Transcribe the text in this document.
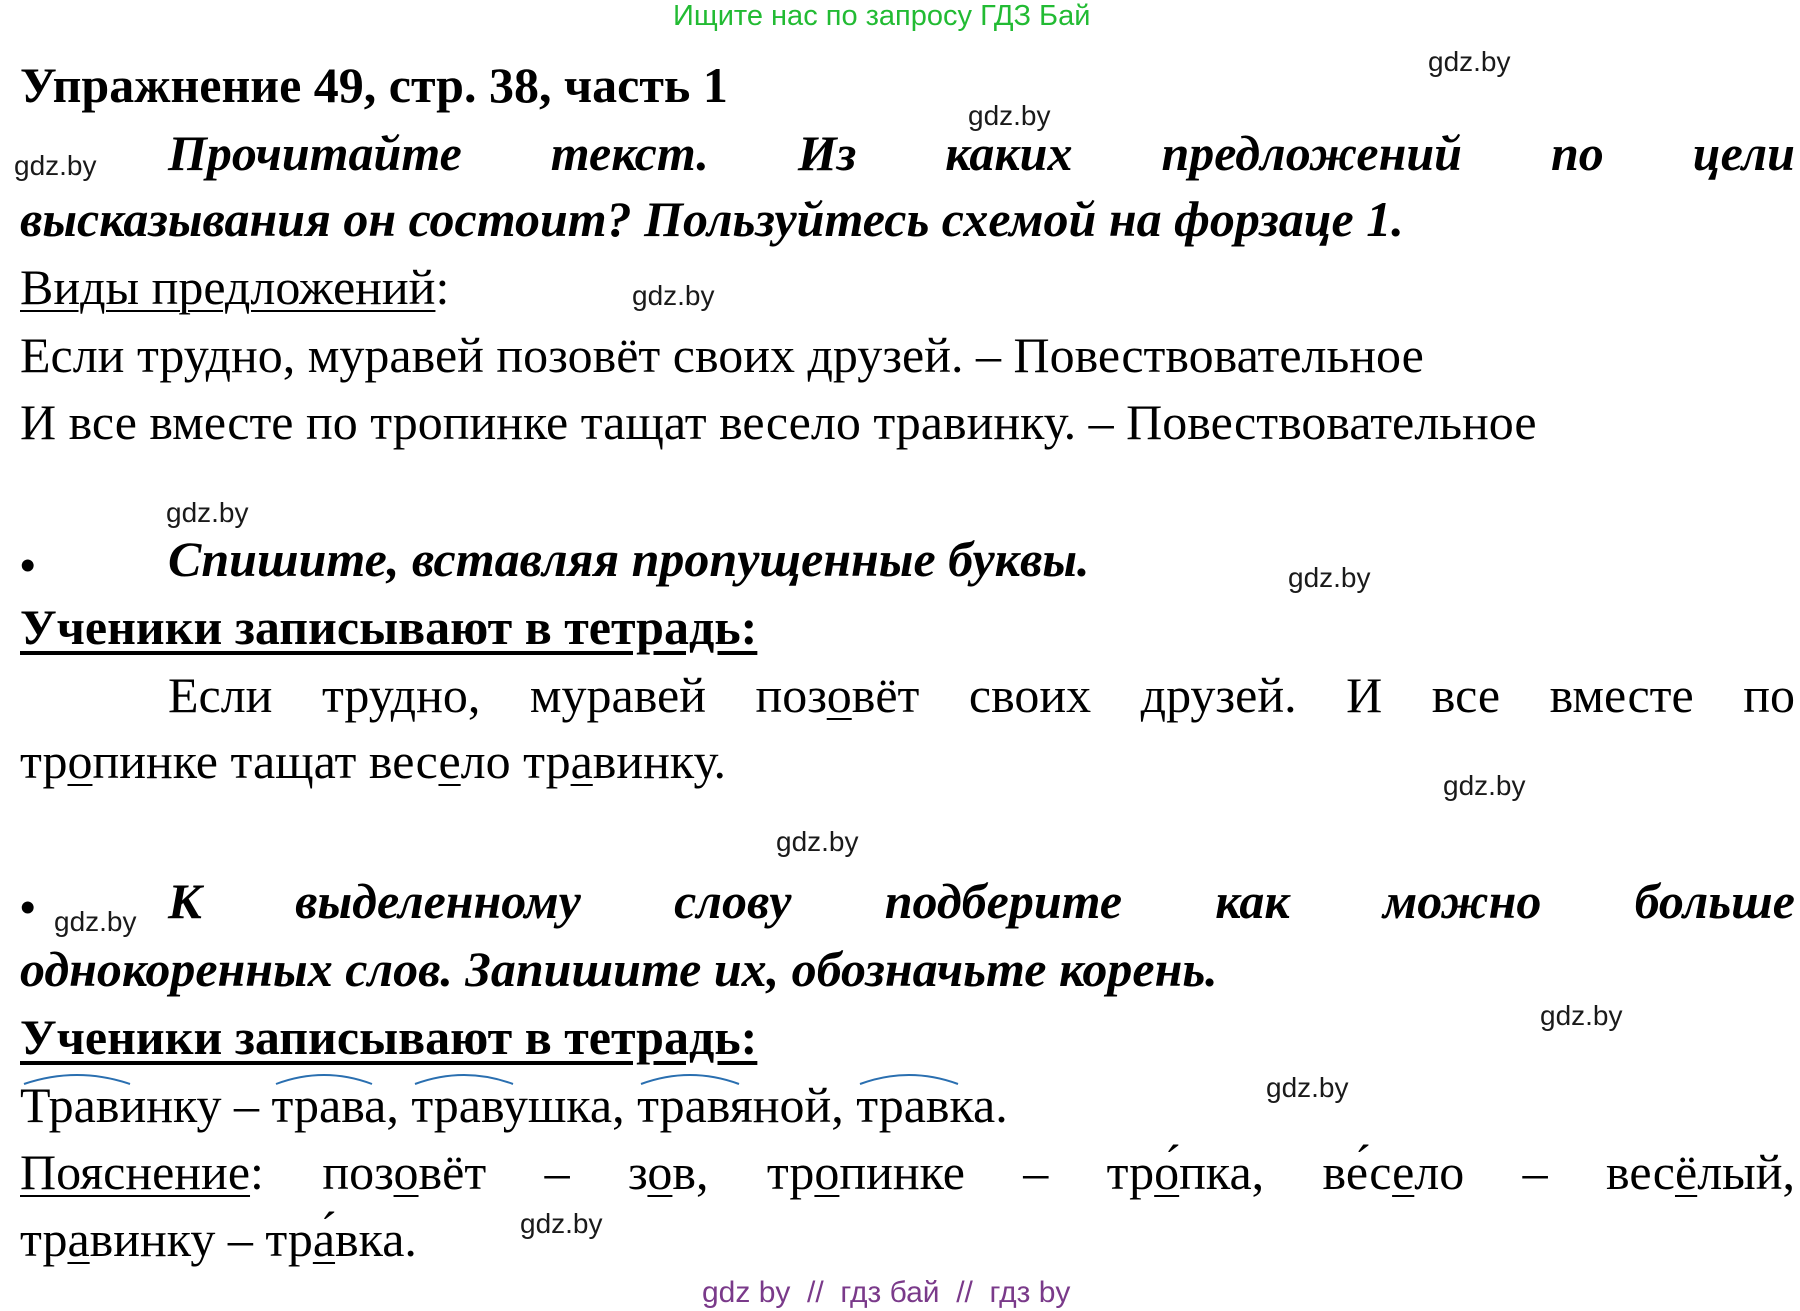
Ищите нас по запросу ГДЗ Бай
gdz.by
gdz.by
gdz.by
gdz.by
gdz.by
gdz.by
gdz.by
gdz.by
gdz.by
gdz.by
gdz.by
gdz.by
Упражнение 49, стр. 38, часть 1
Прочитайте текст. Из каких предложений по цели
высказывания он состоит? Пользуйтесь схемой на форзаце 1.
Виды предложений:
Если трудно, муравей позовёт своих друзей. – Повествовательное
И все вместе по тропинке тащат весело травинку. – Повествовательное
•	Спишите, вставляя пропущенные буквы.
Ученики записывают в тетрадь:
Если трудно, муравей позовёт своих друзей. И все вместе по
тропинке тащат весело травинку.
•	К выделенному слову подберите как можно больше
однокоренных слов. Запишите их, обозначьте корень.
Ученики записывают в тетрадь:
Травинку –
трава,
травушка,
травяной,
травка.
Пояснение: позовёт – зов, тропинке – тро́пка, ве́село – весёлый,
травинку – тра́вка.
gdz by  //  гдз бай  //  гдз by
